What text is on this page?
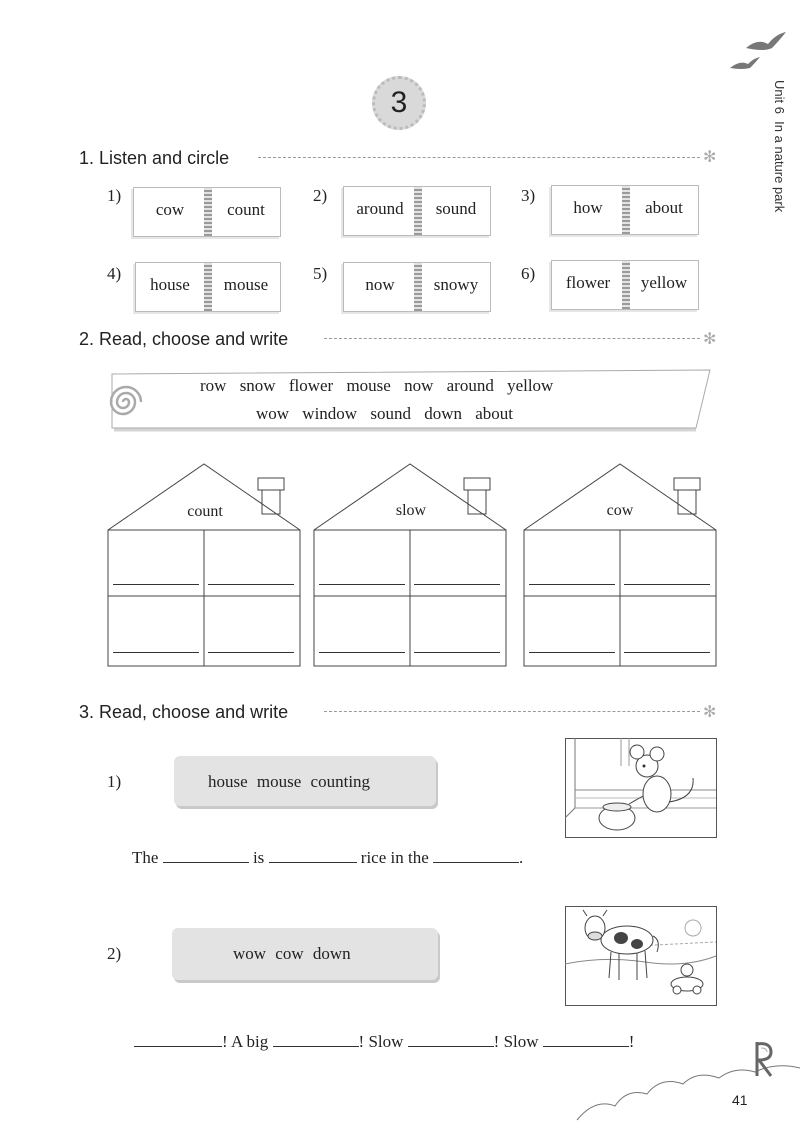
Unit 6  In a nature park
3
1. Listen and circle	✻
1)
cow	count
2)
around	sound
3)
how	about
4)
house	mouse
5)
now	snowy
6)	flower	yellow
2. Read, choose and write	✻
row snow flower mouse now around yellow
wow window sound down about
count	slow	cow
3. Read, choose and write	✻
1)	house mouse counting
The	is	rice in the	.
2)	wow cow down
! A big	! Slow	! Slow	!
41
